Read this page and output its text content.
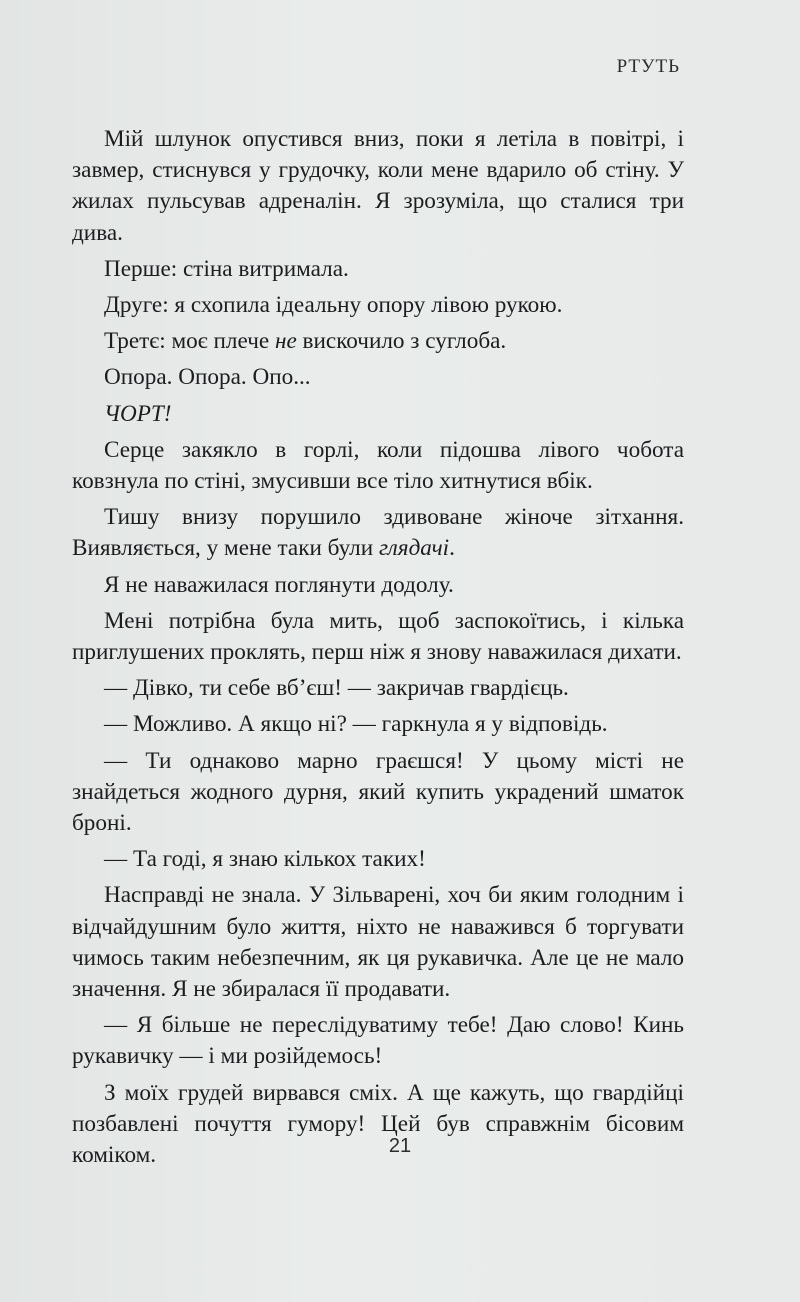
РТУТЬ

Мій шлунок опустився вниз, поки я летіла в повітрі, і завмер, стиснувся у грудочку, коли мене вдарило об стіну. У жилах пульсував адреналін. Я зрозуміла, що сталися три дива.

Перше: стіна витримала.

Друге: я схопила ідеальну опору лівою рукою.

Третє: моє плече не вискочило з суглоба.

Опора. Опора. Опо...

ЧОРТ!

Серце закякло в горлі, коли підошва лівого чобота ковзнула по стіні, змусивши все тіло хитнутися вбік.

Тишу внизу порушило здивоване жіноче зітхання. Виявляється, у мене таки були глядачі.

Я не наважилася поглянути додолу.

Мені потрібна була мить, щоб заспокоїтись, і кілька приглушених проклять, перш ніж я знову наважилася дихати.

— Дівко, ти себе вб’єш! — закричав гвардієць.

— Можливо. А якщо ні? — гаркнула я у відповідь.

— Ти однаково марно граєшся! У цьому місті не знайдеться жодного дурня, який купить украдений шматок броні.

— Та годі, я знаю кількох таких!

Насправді не знала. У Зільварені, хоч би яким голодним і відчайдушним було життя, ніхто не наважився б торгувати чимось таким небезпечним, як ця рукавичка. Але це не мало значення. Я не збиралася її продавати.

— Я більше не переслідуватиму тебе! Даю слово! Кинь рукавичку — і ми розійдемось!

З моїх грудей вирвався сміх. А ще кажуть, що гвардійці позбавлені почуття гумору! Цей був справжнім бісовим коміком.	21
